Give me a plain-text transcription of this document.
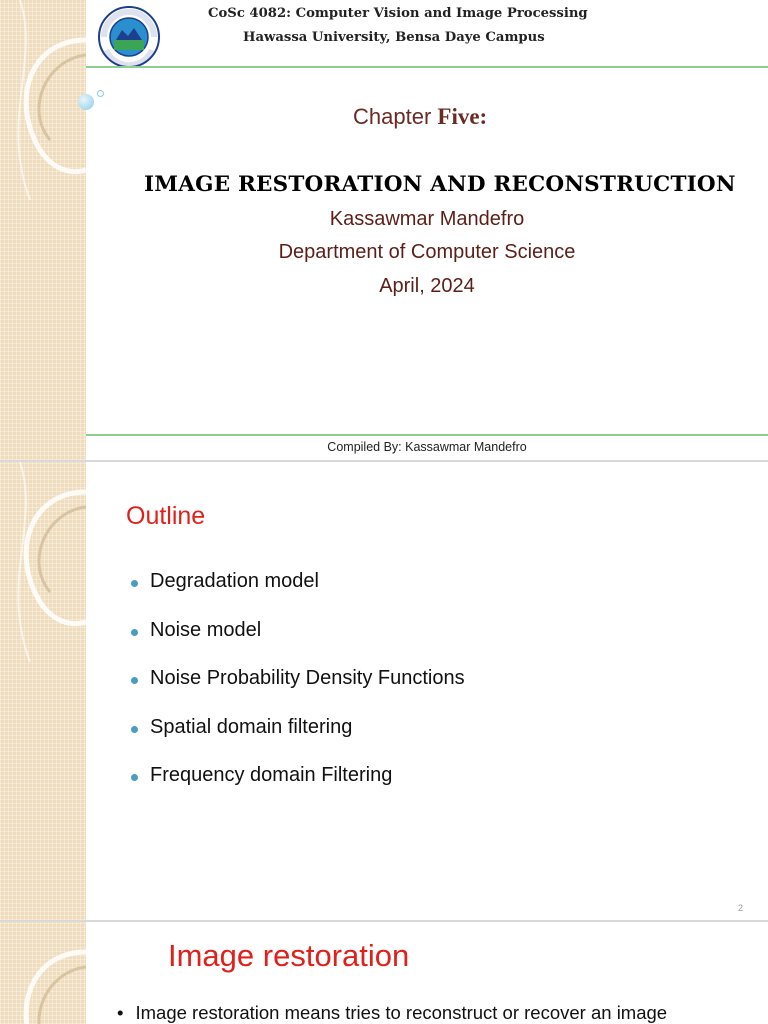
CoSc 4082: Computer Vision and Image Processing
Hawassa University, Bensa Daye Campus
Chapter Five:
IMAGE RESTORATION AND RECONSTRUCTION
Kassawmar Mandefro
Department of Computer Science
April, 2024
Compiled By: Kassawmar Mandefro
Outline
Degradation model
Noise model
Noise Probability Density Functions
Spatial domain filtering
Frequency domain Filtering
2
Image restoration
• Image restoration means tries to reconstruct or recover an image
